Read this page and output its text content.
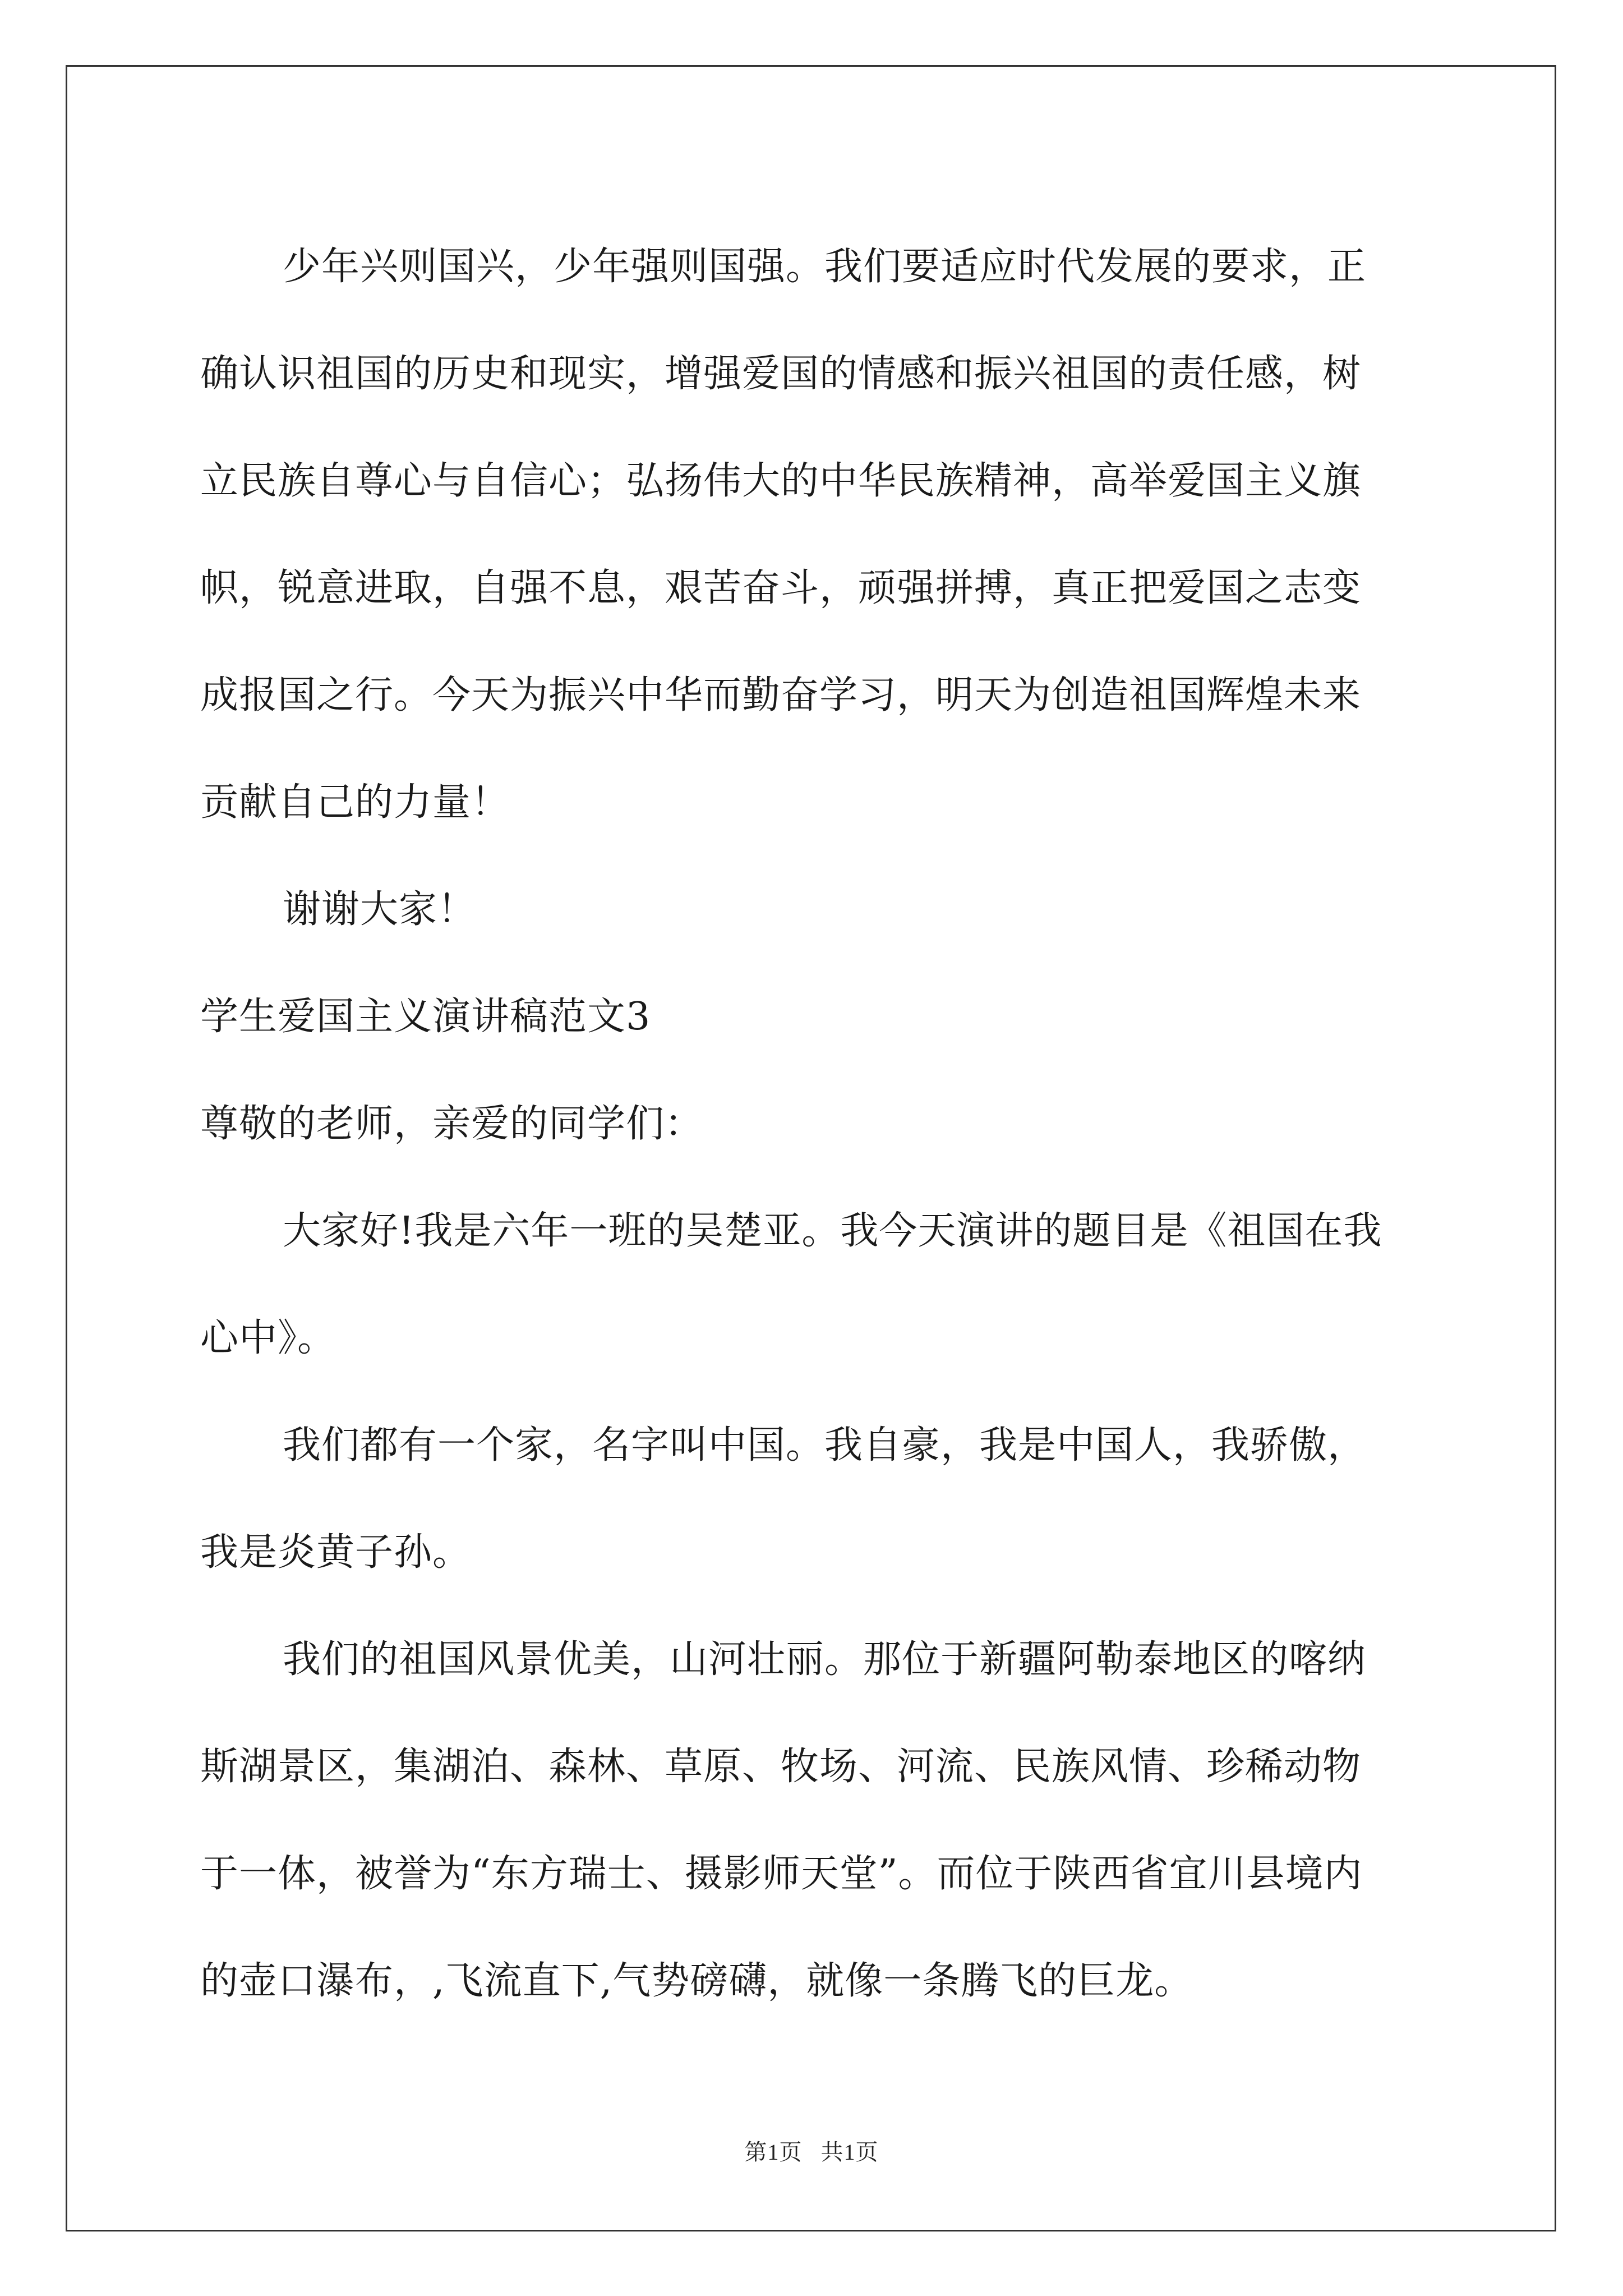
少年兴则国兴，少年强则国强。我们要适应时代发展的要求，正
确认识祖国的历史和现实，增强爱国的情感和振兴祖国的责任感，树
立民族自尊心与自信心；弘扬伟大的中华民族精神，高举爱国主义旗
帜，锐意进取，自强不息，艰苦奋斗，顽强拼搏，真正把爱国之志变
成报国之行。今天为振兴中华而勤奋学习，明天为创造祖国辉煌未来
贡献自己的力量！
谢谢大家！
学生爱国主义演讲稿范文3
尊敬的老师，亲爱的同学们：
大家好!我是六年一班的吴楚亚。我今天演讲的题目是《祖国在我
心中》。
我们都有一个家，名字叫中国。我自豪，我是中国人，我骄傲，
我是炎黄子孙。
我们的祖国风景优美，山河壮丽。那位于新疆阿勒泰地区的喀纳
斯湖景区，集湖泊、森林、草原、牧场、河流、民族风情、珍稀动物
于一体，被誉为“东方瑞士、摄影师天堂”。而位于陕西省宜川县境内
的壶口瀑布，,飞流直下,气势磅礴，就像一条腾飞的巨龙。
第1页 共1页
